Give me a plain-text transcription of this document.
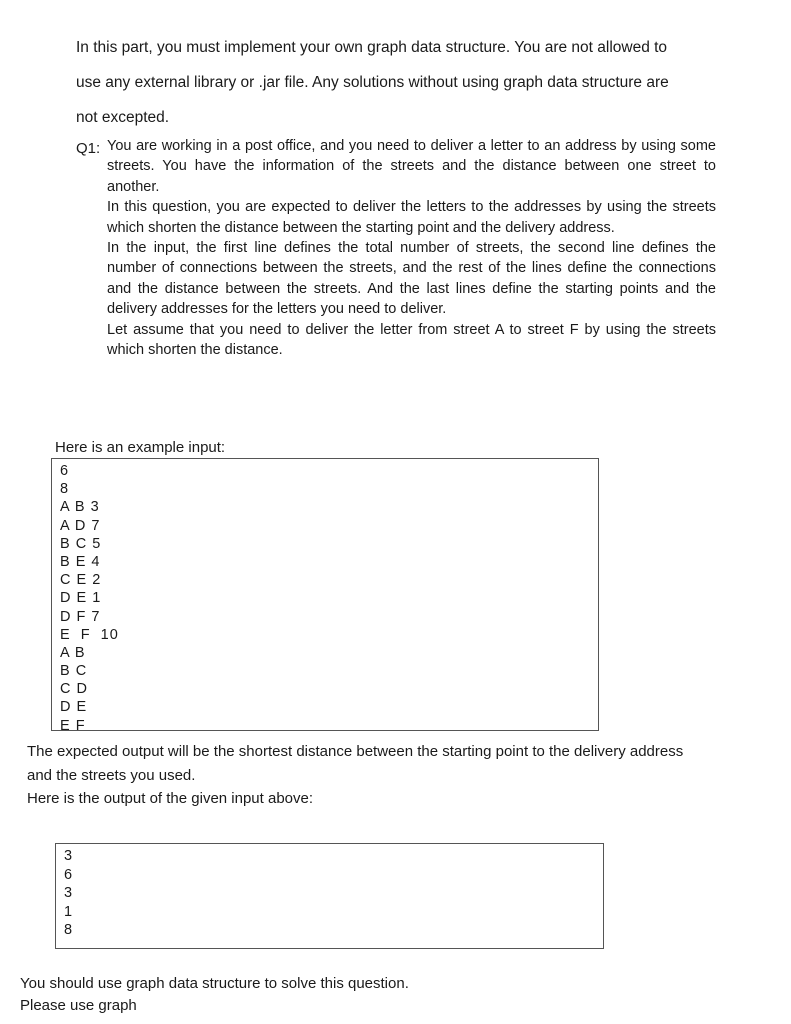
In this part, you must implement your own graph data structure. You are not allowed to
use any external library or .jar file. Any solutions without using graph data structure are
not excepted.
Q1: You are working in a post office, and you need to deliver a letter to an address by using some streets. You have the information of the streets and the distance between one street to another.

In this question, you are expected to deliver the letters to the addresses by using the streets which shorten the distance between the starting point and the delivery address.

In the input, the first line defines the total number of streets, the second line defines the number of connections between the streets, and the rest of the lines define the connections and the distance between the streets. And the last lines define the starting points and the delivery addresses for the letters you need to deliver.

Let assume that you need to deliver the letter from street A to street F by using the streets which shorten the distance.

Here is an example input:
6
8
A B 3
A D 7
B C 5
B E 4
C E 2
D E 1
D F 7
E  F  10
A B
B C
C D
D E
E F
The expected output will be the shortest distance between the starting point to the delivery address
and the streets you used.
Here is the output of the given input above:
3
6
3
1
8
You should use graph data structure to solve this question.
Please use graph
